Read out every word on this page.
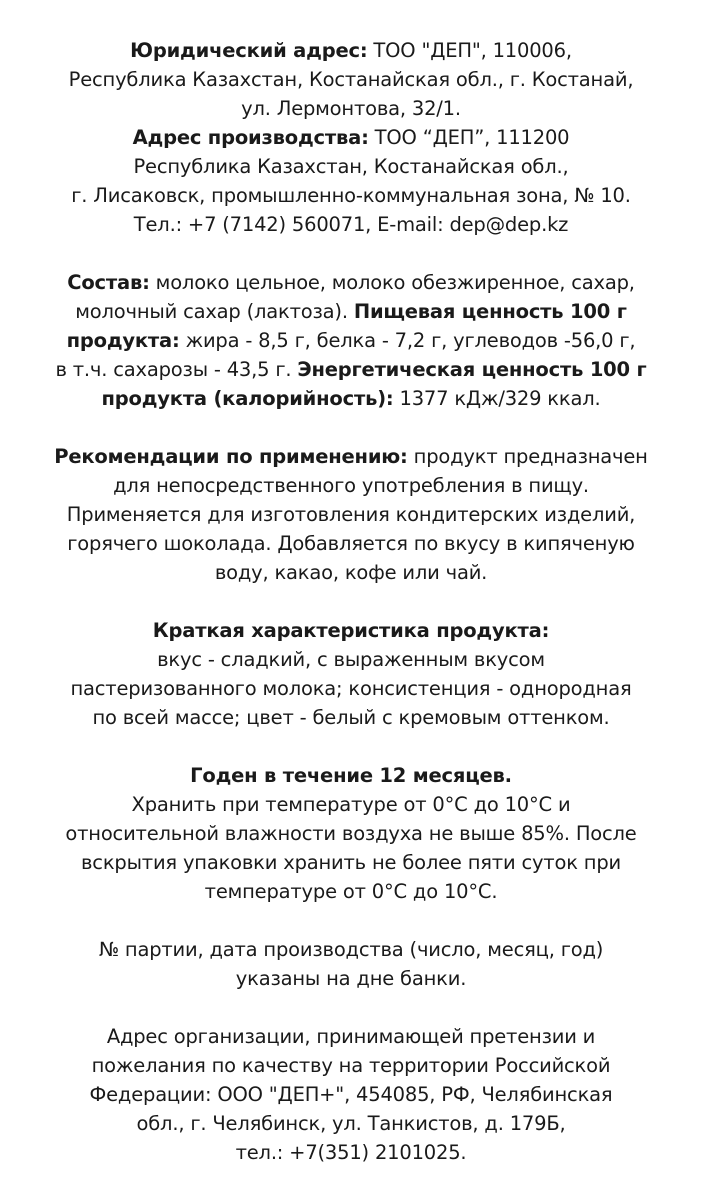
Юридический адрес: ТОО "ДЕП", 110006,
Республика Казахстан, Костанайская обл., г. Костанай,
ул. Лермонтова, 32/1.
Адрес производства: ТОО “ДЕП”, 111200
Республика Казахстан, Костанайская обл.,
г. Лисаковск, промышленно-коммунальная зона, № 10.
Тел.: +7 (7142) 560071, E-mail: dep@dep.kz
Состав: молоко цельное, молоко обезжиренное, сахар,
молочный сахар (лактоза). Пищевая ценность 100 г
продукта: жира - 8,5 г, белка - 7,2 г, углеводов -56,0 г,
в т.ч. сахарозы - 43,5 г. Энергетическая ценность 100 г
продукта (калорийность): 1377 кДж/329 ккал.
Рекомендации по применению: продукт предназначен
для непосредственного употребления в пищу.
Применяется для изготовления кондитерских изделий,
горячего шоколада. Добавляется по вкусу в кипяченую
воду, какао, кофе или чай.
Краткая характеристика продукта:
вкус - сладкий, с выраженным вкусом
пастеризованного молока; консистенция - однородная
по всей массе; цвет - белый с кремовым оттенком.
Годен в течение 12 месяцев.
Хранить при температуре от 0°С до 10°С и
относительной влажности воздуха не выше 85%. После
вскрытия упаковки хранить не более пяти суток при
температуре от 0°С до 10°С.
№ партии, дата производства (число, месяц, год)
указаны на дне банки.
Адрес организации, принимающей претензии и
пожелания по качеству на территории Российской
Федерации: ООО "ДЕП+", 454085, РФ, Челябинская
обл., г. Челябинск, ул. Танкистов, д. 179Б,
тел.: +7(351) 2101025.
